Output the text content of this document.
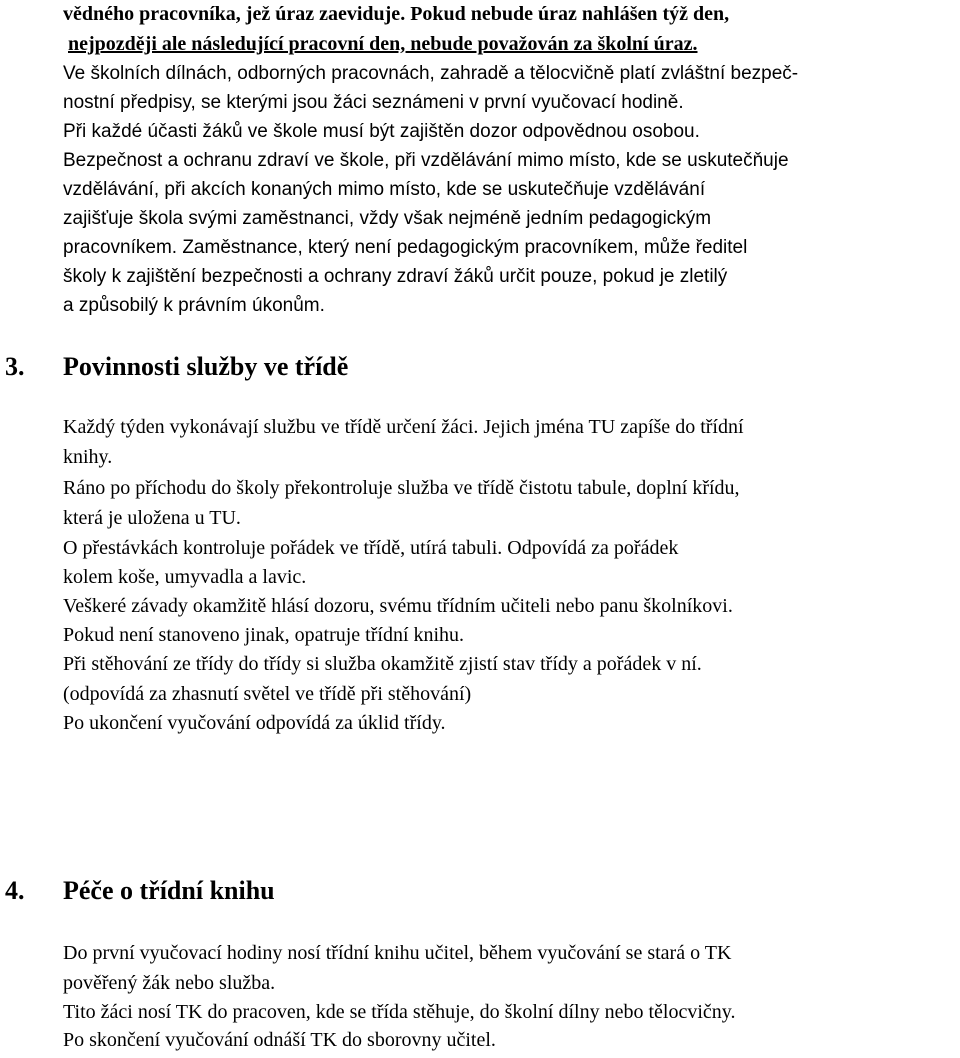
vědného pracovníka, jež úraz zaeviduje. Pokud nebude úraz nahlášen týž den,
nejpozději ale následující pracovní den, nebude považován za školní úraz.
Ve školních dílnách, odborných pracovnách, zahradě a tělocvičně platí zvláštní bezpeč-
nostní předpisy, se kterými jsou žáci seznámeni v první vyučovací hodině.
Při každé účasti žáků ve škole musí být zajištěn dozor odpovědnou osobou.
Bezpečnost a ochranu zdraví ve škole, při vzdělávání mimo místo, kde se uskutečňuje
vzdělávání, při akcích konaných mimo místo, kde se uskutečňuje vzdělávání
zajišťuje škola svými zaměstnanci, vždy však nejméně jedním pedagogickým
pracovníkem. Zaměstnance, který není pedagogickým pracovníkem, může ředitel
školy k zajištění bezpečnosti a ochrany zdraví žáků určit pouze, pokud je zletilý
a způsobilý k právním úkonům.
3. Povinnosti služby ve třídě
Každý týden vykonávají službu ve třídě určení žáci. Jejich jména TU zapíše do třídní
knihy.
Ráno po příchodu do školy překontroluje služba ve třídě čistotu tabule, doplní křídu,
která je uložena u TU.
O přestávkách kontroluje pořádek ve třídě, utírá tabuli. Odpovídá za pořádek
kolem koše, umyvadla a lavic.
Veškeré závady okamžitě hlásí dozoru, svému třídním učiteli nebo panu školníkovi.
Pokud není stanoveno jinak, opatruje třídní knihu.
Při stěhování ze třídy do třídy si služba okamžitě zjistí stav třídy a pořádek v ní.
(odpovídá za zhasnutí světel ve třídě při stěhování)
Po ukončení vyučování odpovídá za úklid třídy.
4. Péče o třídní knihu
Do první vyučovací hodiny nosí třídní knihu učitel, během vyučování se stará o TK
pověřený žák nebo služba.
Tito žáci nosí TK do pracoven, kde se třída stěhuje, do školní dílny nebo tělocvičny.
Po skončení vyučování odnáší TK do sborovny učitel.
